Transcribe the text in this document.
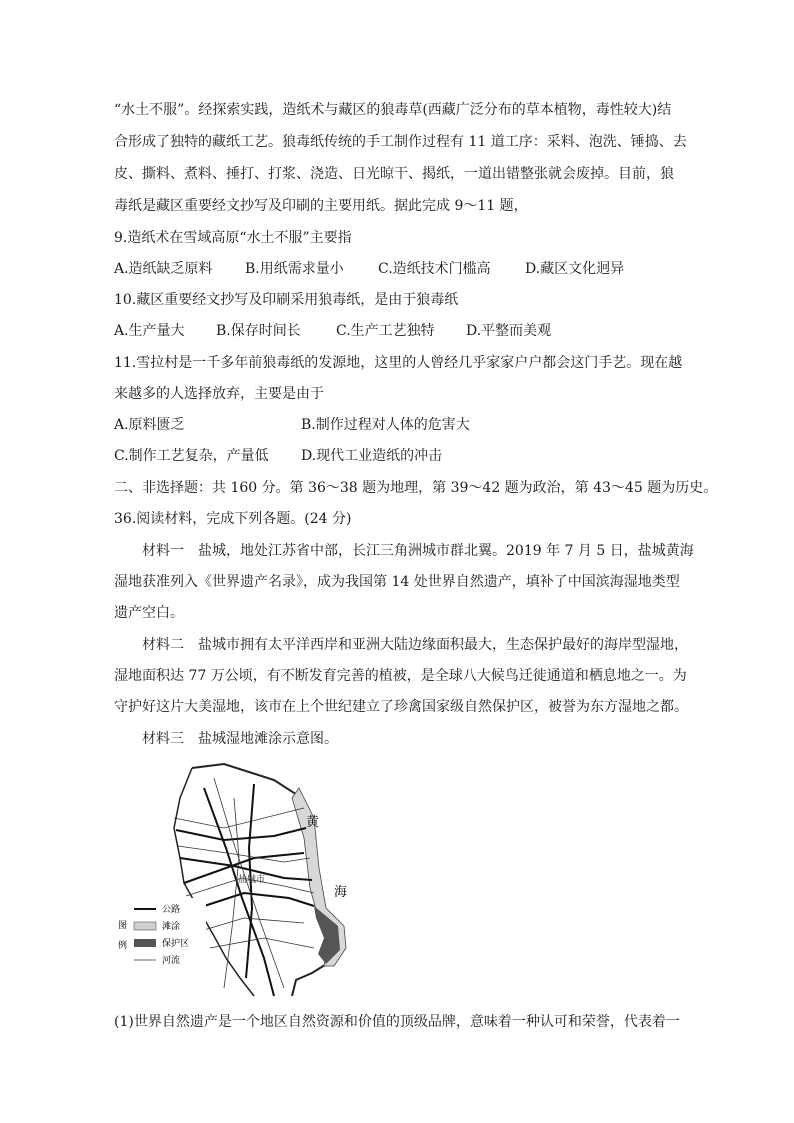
“水土不服”。经探索实践，造纸术与藏区的狼毒草(西藏广泛分布的草本植物，毒性较大)结
合形成了独特的藏纸工艺。狼毒纸传统的手工制作过程有 11 道工序：采料、泡洗、锤捣、去
皮、撕料、煮料、捶打、打浆、浇造、日光晾干、揭纸，一道出错整张就会废掉。目前，狼
毒纸是藏区重要经文抄写及印刷的主要用纸。据此完成 9～11 题，
9.造纸术在雪域高原“水土不服”主要指
A.造纸缺乏原料 B.用纸需求量小 C.造纸技术门槛高 D.藏区文化迥异
10.藏区重要经文抄写及印刷采用狼毒纸，是由于狼毒纸
A.生产量大 B.保存时间长	C.生产工艺独特 D.平整而美观
11.雪拉村是一千多年前狼毒纸的发源地，这里的人曾经几乎家家户户都会这门手艺。现在越
来越多的人选择放弃，主要是由于
A.原料匮乏	B.制作过程对人体的危害大
C.制作工艺复杂，产量低 D.现代工业造纸的冲击
二、非选择题：共 160 分。第 36～38 题为地理，第 39～42 题为政治，第 43～45 题为历史。
36.阅读材料，完成下列各题。(24 分)
材料一　盐城，地处江苏省中部，长江三角洲城市群北翼。2019 年 7 月 5 日，盐城黄海
湿地获准列入《世界遗产名录》，成为我国第 14 处世界自然遗产，填补了中国滨海湿地类型
遗产空白。
材料二　盐城市拥有太平洋西岸和亚洲大陆边缘面积最大，生态保护最好的海岸型湿地，
湿地面积达 77 万公顷，有不断发育完善的植被，是全球八大候鸟迁徙通道和栖息地之一。为
守护好这片大美湿地，该市在上个世纪建立了珍禽国家级自然保护区，被誉为东方湿地之都。
材料三　盐城湿地滩涂示意图。
黄
海
盐城市
图
例
公路
滩涂
保护区
河流
(1)世界自然遗产是一个地区自然资源和价值的顶级品牌，意味着一种认可和荣誉，代表着一
